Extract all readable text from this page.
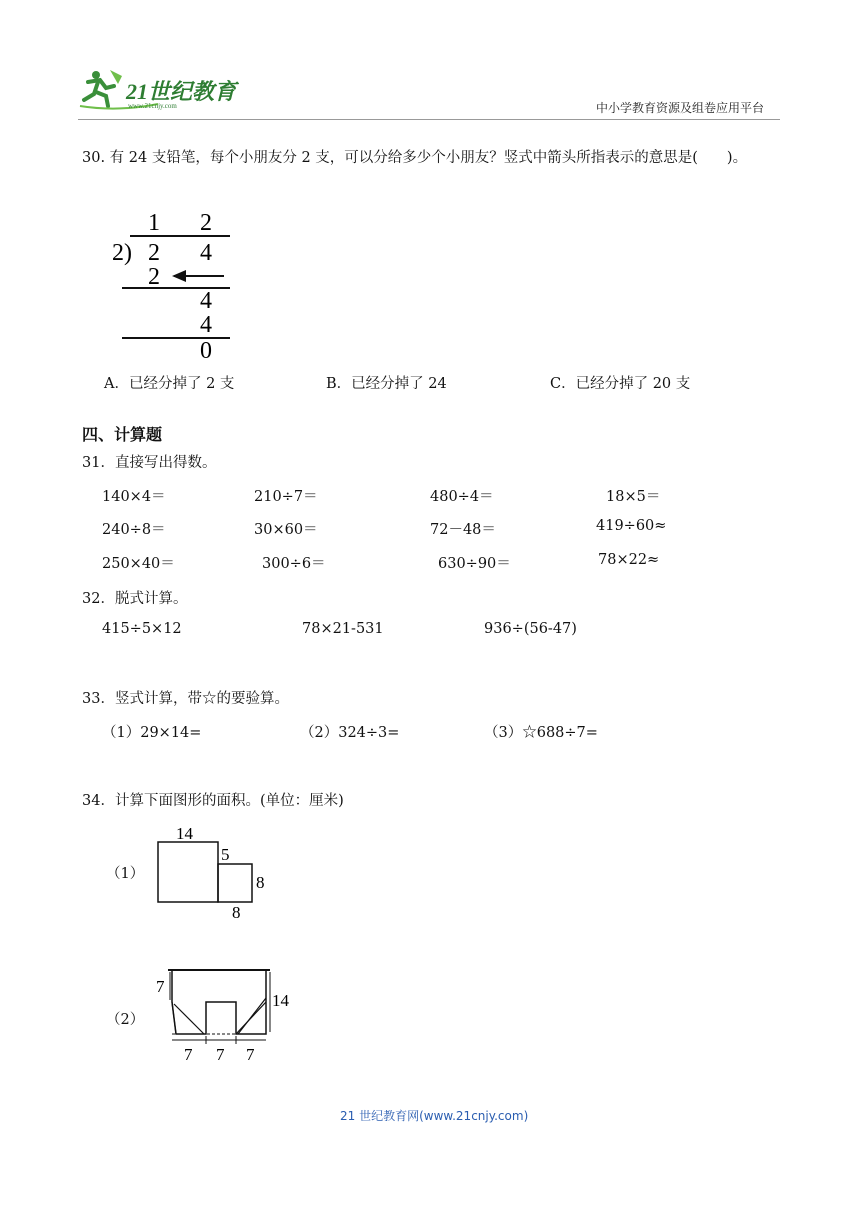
21世纪教育
www.21cnjy.com	中小学教育资源及组卷应用平台
30. 有 24 支铅笔，每个小朋友分 2 支，可以分给多少个小朋友？竖式中箭头所指表示的意思是(　　)。
1 2
2) 2 4
2
4
4
0
A．已经分掉了 2 支	B．已经分掉了 24	C．已经分掉了 20 支
四、计算题
31．直接写出得数。
140×4＝	210÷7＝	480÷4＝	18×5＝
240÷8＝	30×60＝	72－48＝	419÷60≈
250×40＝	300÷6＝	630÷90＝	78×22≈
32．脱式计算。
415÷5×12	78×21-531	936÷(56-47)
33．竖式计算，带☆的要验算。
（1）29×14=	（2）324÷3=	（3）☆688÷7=
34．计算下面图形的面积。(单位：厘米)
（1）
14
5
8
8
（2）
7
14
7 7 7
21 世纪教育网(www.21cnjy.com)
